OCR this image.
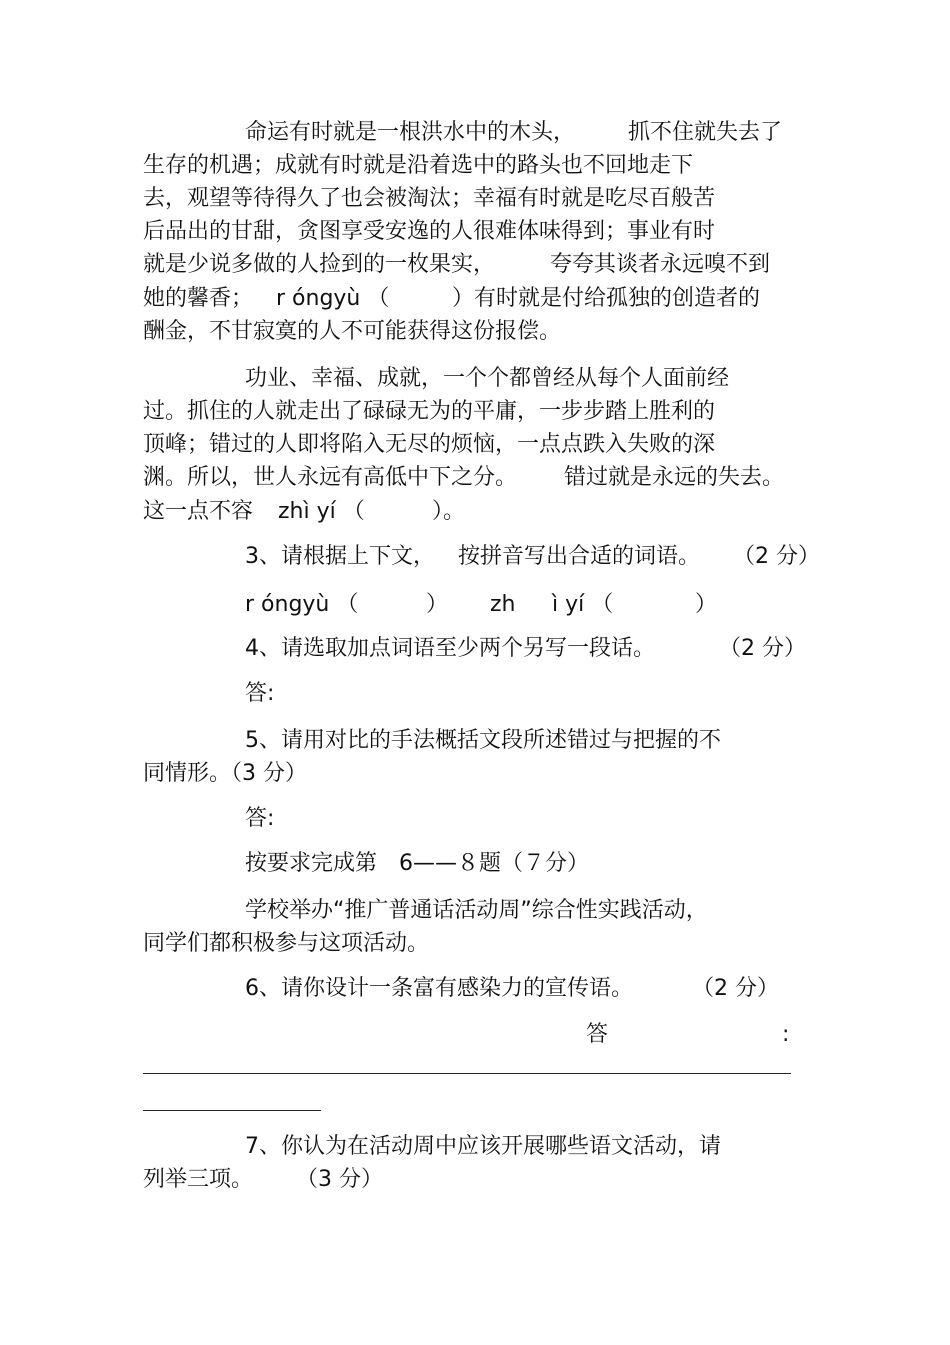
命运有时就是一根洪水中的木头， 抓不住就失去了
生存的机遇；成就有时就是沿着选中的路头也不回地走下
去，观望等待得久了也会被淘汰；幸福有时就是吃尽百般苦
后品出的甘甜，贪图享受安逸的人很难体味得到；事业有时
就是少说多做的人捡到的一枚果实， 夸夸其谈者永远嗅不到
她的馨香； r óngyù （	）有时就是付给孤独的创造者的
酬金，不甘寂寞的人不可能获得这份报偿。
功业、幸福、成就，一个个都曾经从每个人面前经
过。抓住的人就走出了碌碌无为的平庸，一步步踏上胜利的
顶峰；错过的人即将陷入无尽的烦恼，一点点跌入失败的深
渊。所以，世人永远有高低中下之分。 错过就是永远的失去。
这一点不容 zhì yí （	）。
3、请根据上下文， 按拼音写出合适的词语。 （2 分）
r óngyù （	） zh ì yí （	）
4、请选取加点词语至少两个另写一段话。	（2 分）
答:
5、请用对比的手法概括文段所述错过与把握的不
同情形。（3 分）
答:
按要求完成第　6——８题（７分）
学校举办“推广普通话活动周”综合性实践活动，
同学们都积极参与这项活动。
6、请你设计一条富有感染力的宣传语。	（2 分）
答	:
7、你认为在活动周中应该开展哪些语文活动，请
列举三项。 （3 分）
